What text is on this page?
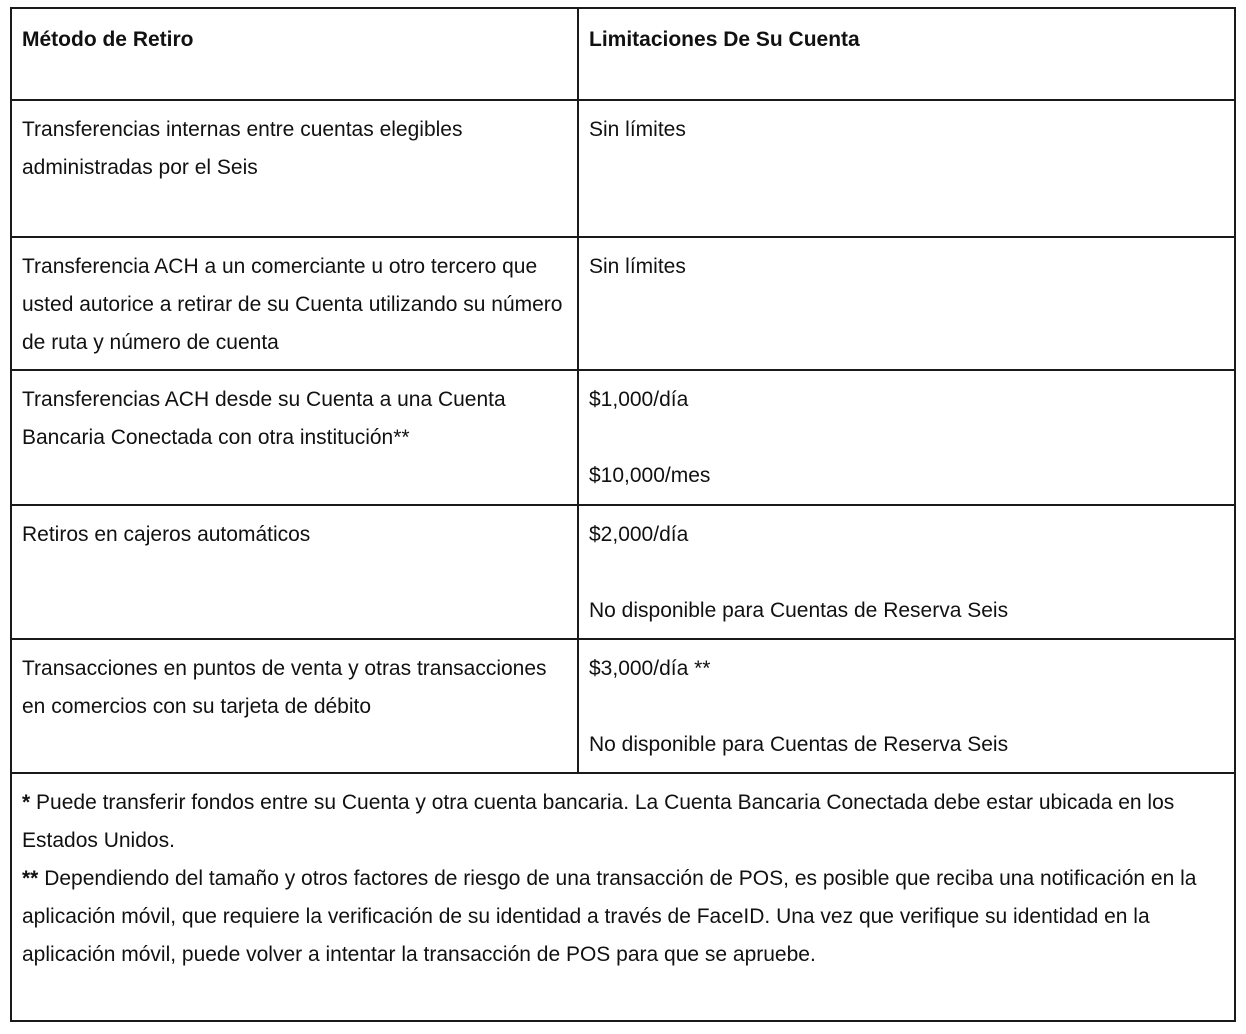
Método de Retiro	Limitaciones De Su Cuenta
Transferencias internas entre cuentas elegibles administradas por el Seis	Sin límites
Transferencia ACH a un comerciante u otro tercero que usted autorice a retirar de su Cuenta utilizando su número de ruta y número de cuenta	Sin límites
Transferencias ACH desde su Cuenta a una Cuenta Bancaria Conectada con otra institución**	$1,000/día
$10,000/mes

Retiros en cajeros automáticos	$2,000/día
No disponible para Cuentas de Reserva Seis

Transacciones en puntos de venta y otras transacciones en comercios con su tarjeta de débito	$3,000/día **
No disponible para Cuentas de Reserva Seis

* Puede transferir fondos entre su Cuenta y otra cuenta bancaria. La Cuenta Bancaria Conectada debe estar ubicada en los Estados Unidos.
** Dependiendo del tamaño y otros factores de riesgo de una transacción de POS, es posible que reciba una notificación en la aplicación móvil, que requiere la verificación de su identidad a través de FaceID. Una vez que verifique su identidad en la aplicación móvil, puede volver a intentar la transacción de POS para que se apruebe.	
